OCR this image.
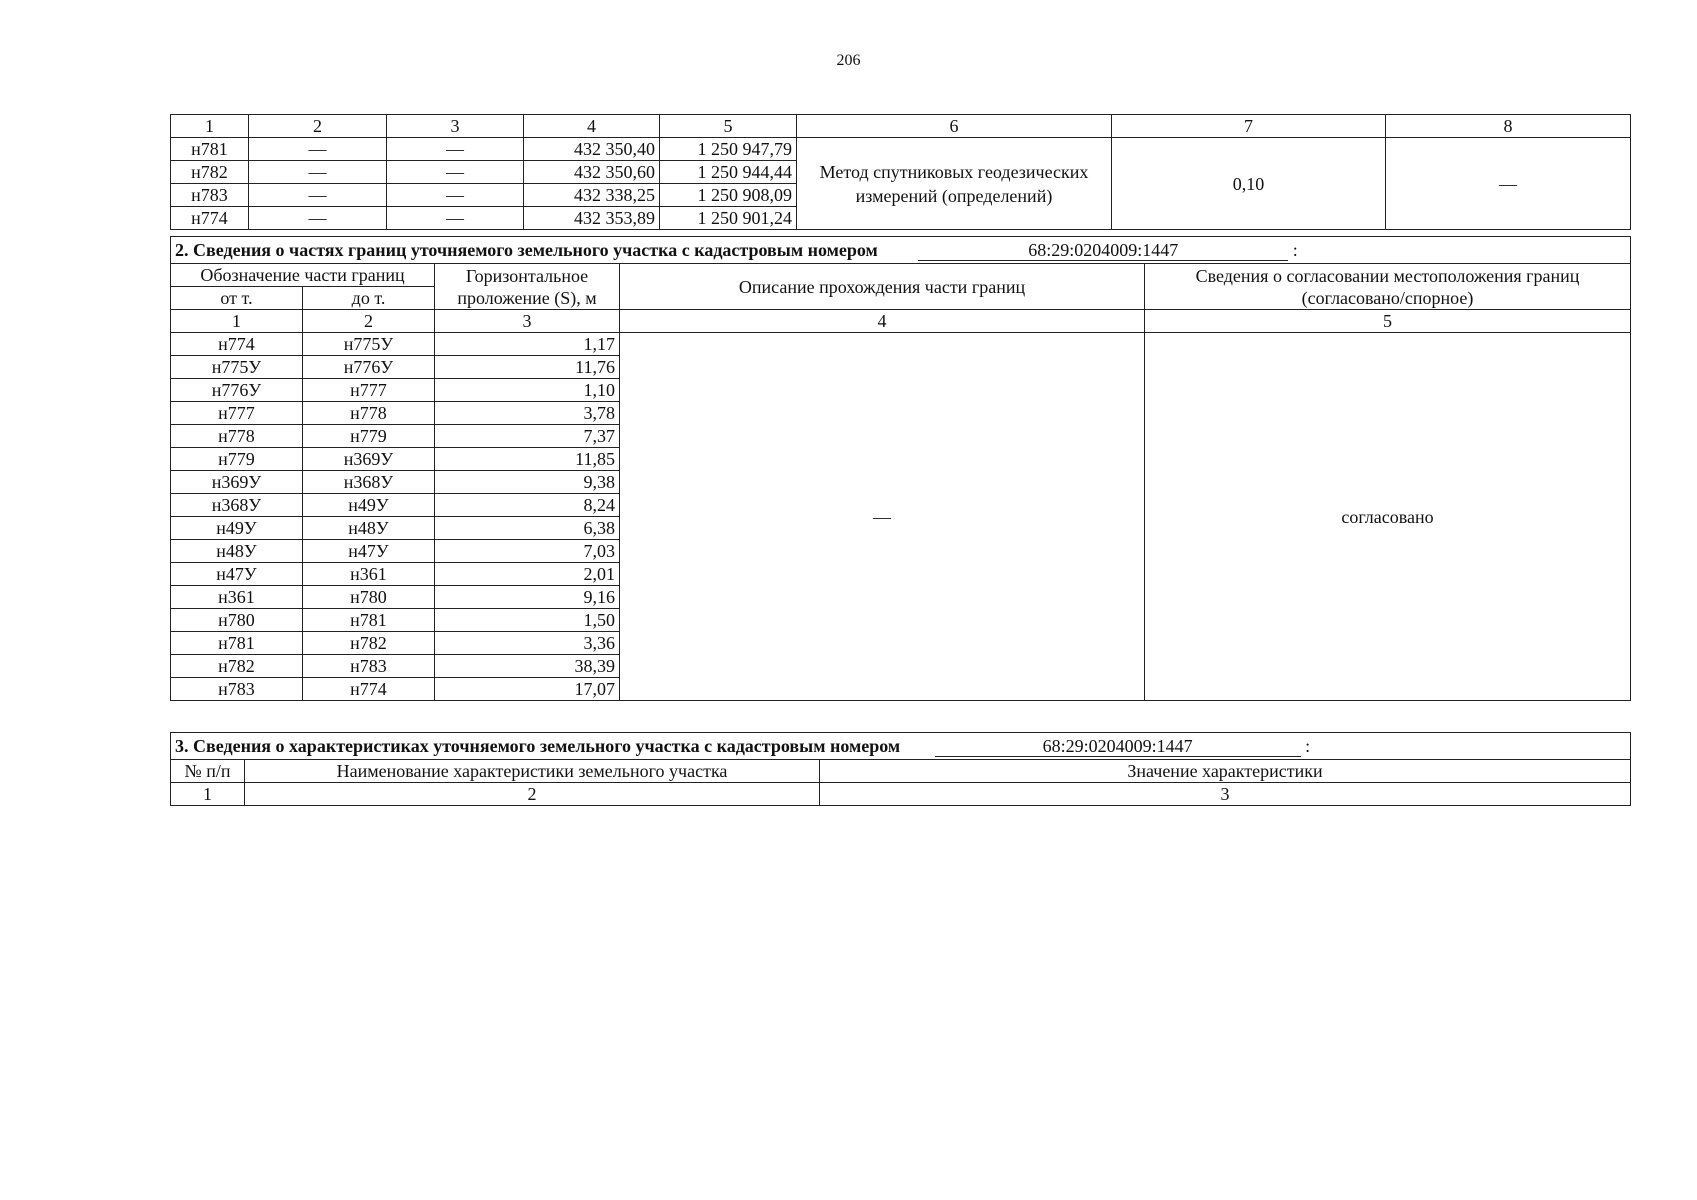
206
1	2	3	4	5	6	7	8
н781	—	—	432 350,40	1 250 947,79	Метод спутниковых геодезических измерений (определений)	0,10	—
н782	—	—	432 350,60	1 250 944,44			
н783	—	—	432 338,25	1 250 908,09			
н774	—	—	432 353,89	1 250 901,24			
2. Сведения о частях границ уточняемого земельного участка с кадастровым номером 68:29:0204009:1447 :				
Обозначение части границ		Горизонтальное проложение (S), м	Описание прохождения части границ	Сведения о согласовании местоположения границ (согласовано/спорное)
от т.	до т.			
1	2	3	4	5
н774	н775У	1,17	—	согласовано
н775У	н776У	11,76		
н776У	н777	1,10		
н777	н778	3,78		
н778	н779	7,37		
н779	н369У	11,85		
н369У	н368У	9,38		
н368У	н49У	8,24		
н49У	н48У	6,38		
н48У	н47У	7,03		
н47У	н361	2,01		
н361	н780	9,16		
н780	н781	1,50		
н781	н782	3,36		
н782	н783	38,39		
н783	н774	17,07		
3. Сведения о характеристиках уточняемого земельного участка с кадастровым номером 68:29:0204009:1447 :		
№ п/п	Наименование характеристики земельного участка	Значение характеристики
1	2	3
